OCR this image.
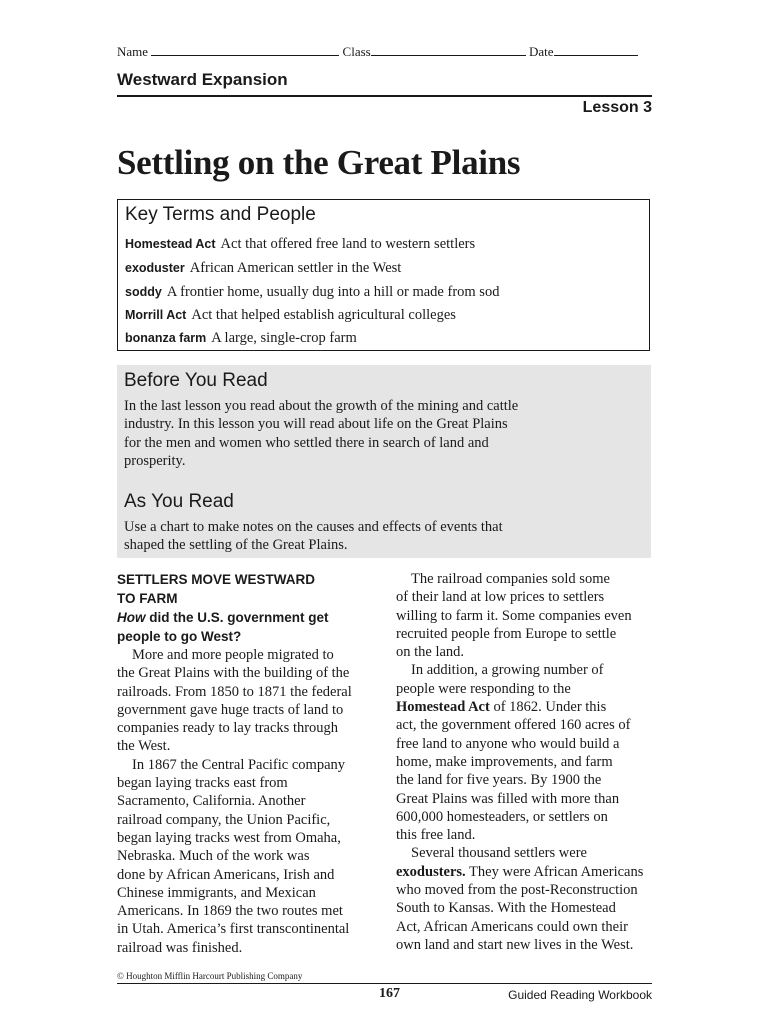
Name	Class	Date
Westward Expansion
Lesson 3
Settling on the Great Plains
Key Terms and People
Homestead Act Act that offered free land to western settlers
exoduster African American settler in the West
soddy A frontier home, usually dug into a hill or made from sod
Morrill Act Act that helped establish agricultural colleges
bonanza farm A large, single-crop farm
Before You Read

In the last lesson you read about the growth of the mining and cattle
industry. In this lesson you will read about life on the Great Plains
for the men and women who settled there in search of land and
prosperity.

As You Read

Use a chart to make notes on the causes and effects of events that
shaped the settling of the Great Plains.

SETTLERS MOVE WESTWARD
TO FARM
How did the U.S. government get
people to go West?

More and more people migrated to
the Great Plains with the building of the
railroads. From 1850 to 1871 the federal
government gave huge tracts of land to
companies ready to lay tracks through
the West.

In 1867 the Central Pacific company
began laying tracks east from
Sacramento, California. Another
railroad company, the Union Pacific,
began laying tracks west from Omaha,
Nebraska. Much of the work was
done by African Americans, Irish and
Chinese immigrants, and Mexican
Americans. In 1869 the two routes met
in Utah. America’s first transcontinental
railroad was finished.

The railroad companies sold some
of their land at low prices to settlers
willing to farm it. Some companies even
recruited people from Europe to settle
on the land.

In addition, a growing number of
people were responding to the
Homestead Act of 1862. Under this
act, the government offered 160 acres of
free land to anyone who would build a
home, make improvements, and farm
the land for five years. By 1900 the
Great Plains was filled with more than
600,000 homesteaders, or settlers on
this free land.

Several thousand settlers were
exodusters. They were African Americans
who moved from the post-Reconstruction
South to Kansas. With the Homestead
Act, African Americans could own their
own land and start new lives in the West.

© Houghton Mifflin Harcourt Publishing Company
167	Guided Reading Workbook
